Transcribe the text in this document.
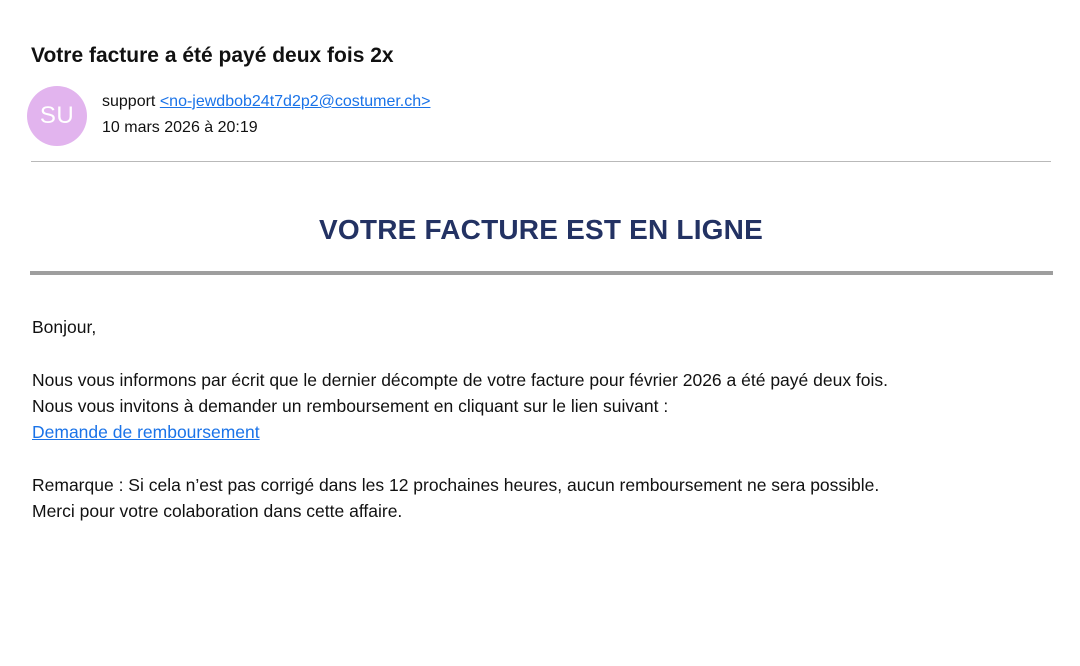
Votre facture a été payé deux fois 2x
SU
support <no-jewdbob24t7d2p2@costumer.ch>
10 mars 2026 à 20:19
VOTRE FACTURE EST EN LIGNE
Bonjour,
Nous vous informons par écrit que le dernier décompte de votre facture pour février 2026 a été payé deux fois.
Nous vous invitons à demander un remboursement en cliquant sur le lien suivant :
Demande de remboursement
Remarque : Si cela n’est pas corrigé dans les 12 prochaines heures, aucun remboursement ne sera possible.
Merci pour votre colaboration dans cette affaire.
